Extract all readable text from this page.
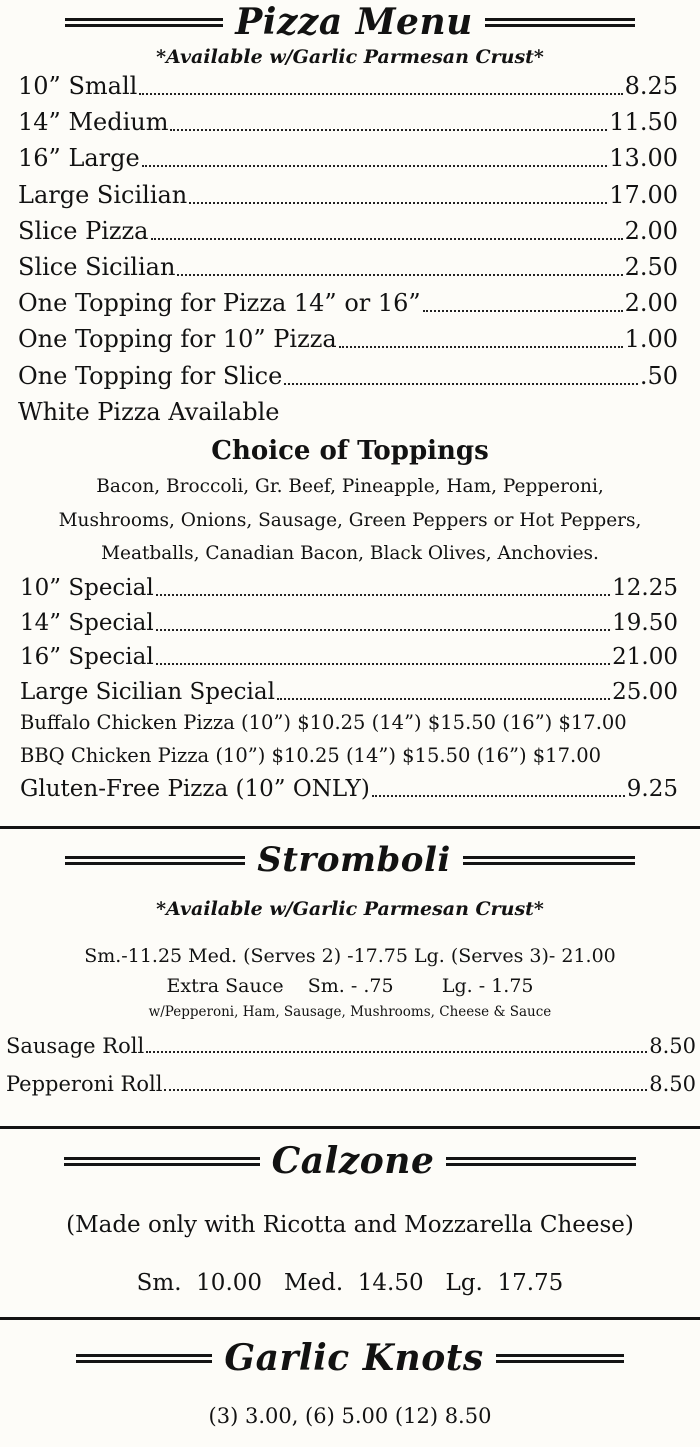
Pizza Menu
*Available w/Garlic Parmesan Crust*
10” Small	8.25
14” Medium	11.50
16” Large	13.00
Large Sicilian	17.00
Slice Pizza	2.00
Slice Sicilian	2.50
One Topping for Pizza 14” or 16”	2.00
One Topping for 10” Pizza	1.00
One Topping for Slice	.50
White Pizza Available
Choice of Toppings
Bacon, Broccoli, Gr. Beef, Pineapple, Ham, Pepperoni,
Mushrooms, Onions, Sausage, Green Peppers or Hot Peppers,
Meatballs, Canadian Bacon, Black Olives, Anchovies.
10” Special	12.25
14” Special	19.50
16” Special	21.00
Large Sicilian Special	25.00
Buffalo Chicken Pizza (10”) $10.25 (14”) $15.50 (16”) $17.00
BBQ Chicken Pizza (10”) $10.25 (14”) $15.50 (16”) $17.00
Gluten-Free Pizza (10” ONLY)	9.25
Stromboli
*Available w/Garlic Parmesan Crust*
Sm.-11.25 Med. (Serves 2) -17.75 Lg. (Serves 3)- 21.00
Extra Sauce    Sm. - .75        Lg. - 1.75
w/Pepperoni, Ham, Sausage, Mushrooms, Cheese & Sauce
Sausage Roll	8.50
Pepperoni Roll	8.50
Calzone
(Made only with Ricotta and Mozzarella Cheese)
Sm.  10.00   Med.  14.50   Lg.  17.75
Garlic Knots
(3) 3.00, (6) 5.00 (12) 8.50
